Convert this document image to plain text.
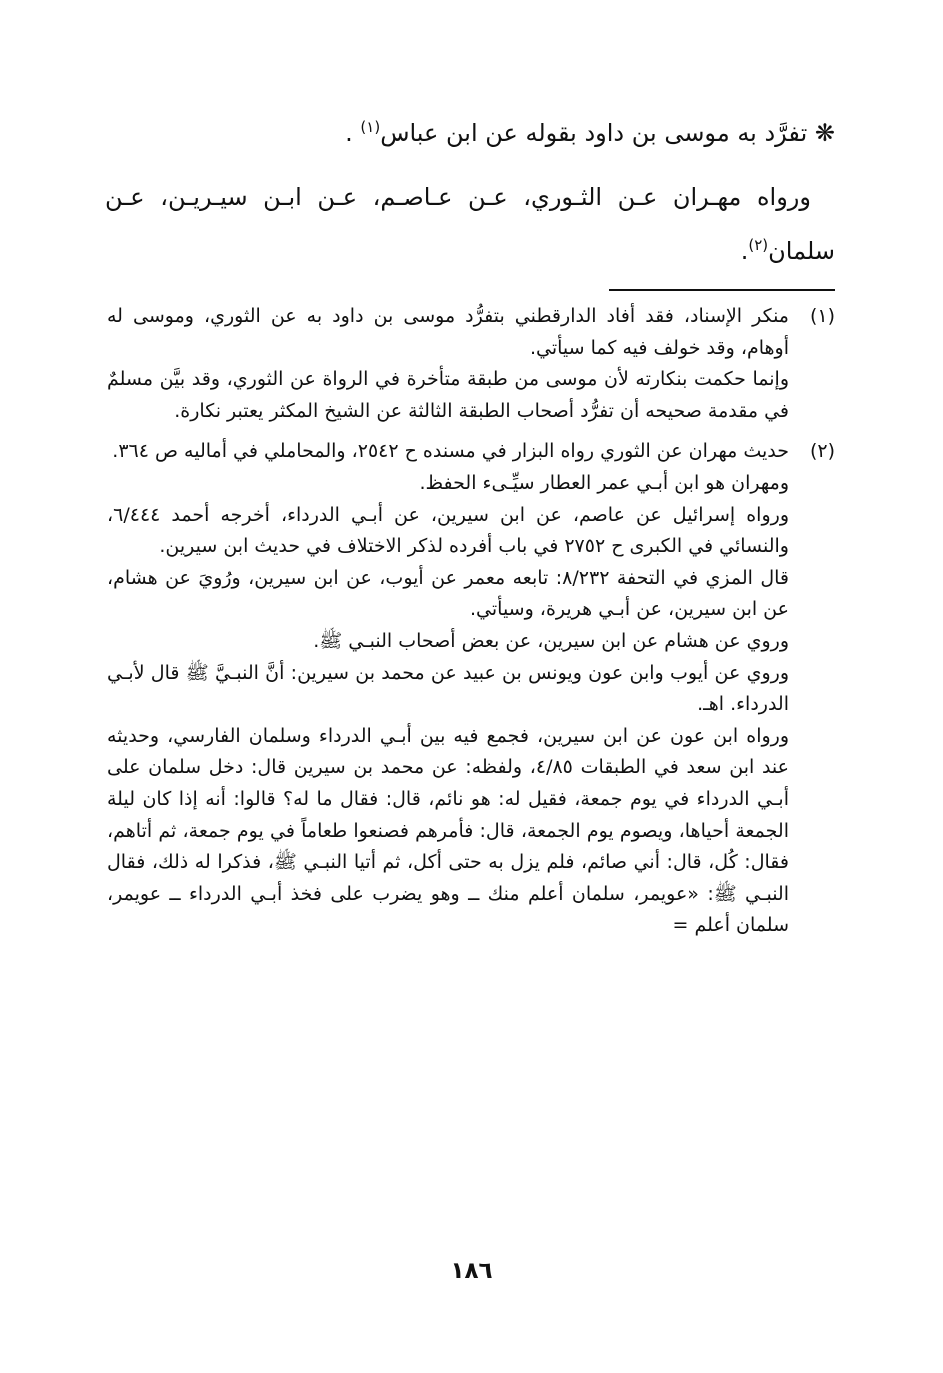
❋ تفرَّد به موسى بن داود بقوله عن ابن عباس$^{(١)}$ .

ورواه مهـران عـن الثـوري، عـن عـاصـم، عـن ابـن سيـريـن، عـن سلمان$^{(٢)}$.

(١)

منكر الإسناد، فقد أفاد الدارقطني بتفرُّد موسى بن داود به عن الثوري، وموسى له أوهام، وقد خولف فيه كما سيأتي.

وإنما حكمت بنكارته لأن موسى من طبقة متأخرة في الرواة عن الثوري، وقد بيَّن مسلمٌ في مقدمة صحيحه أن تفرُّد أصحاب الطبقة الثالثة عن الشيخ المكثر يعتبر نكارة.

(٢)

حديث مهران عن الثوري رواه البزار في مسنده ح ٢٥٤٢، والمحاملي في أماليه ص ٣٦٤.

ومهران هو ابن أبـي عمر العطار سيِّـىء الحفظ.

ورواه إسرائيل عن عاصم، عن ابن سيرين، عن أبـي الدرداء، أخرجه أحمد ٦/٤٤٤، والنسائي في الكبرى ح ٢٧٥٢ في باب أفرده لذكر الاختلاف في حديث ابن سيرين.

قال المزي في التحفة ٨/٢٣٢: تابعه معمر عن أيوب، عن ابن سيرين، ورُويَ عن هشام، عن ابن سيرين، عن أبـي هريرة، وسيأتي.

وروي عن هشام عن ابن سيرين، عن بعض أصحاب النبـي ﷺ.

وروي عن أيوب وابن عون ويونس بن عبيد عن محمد بن سيرين: أنَّ النبـيَّ ﷺ قال لأبـي الدرداء. اهـ.

ورواه ابن عون عن ابن سيرين، فجمع فيه بين أبـي الدرداء وسلمان الفارسي، وحديثه عند ابن سعد في الطبقات ٤/٨٥، ولفظه: عن محمد بن سيرين قال: دخل سلمان على أبـي الدرداء في يوم جمعة، فقيل له: هو نائم، قال: فقال ما له؟ قالوا: أنه إذا كان ليلة الجمعة أحياها، ويصوم يوم الجمعة، قال: فأمرهم فصنعوا طعاماً في يوم جمعة، ثم أتاهم، فقال: كُل، قال: أني صائم، فلم يزل به حتى أكل، ثم أتيا النبـي ﷺ، فذكرا له ذلك، فقال النبـي ﷺ: «عويمر، سلمان أعلم منك ــ وهو يضرب على فخذ أبـي الدرداء ــ عويمر، سلمان أعلم =

١٨٦
